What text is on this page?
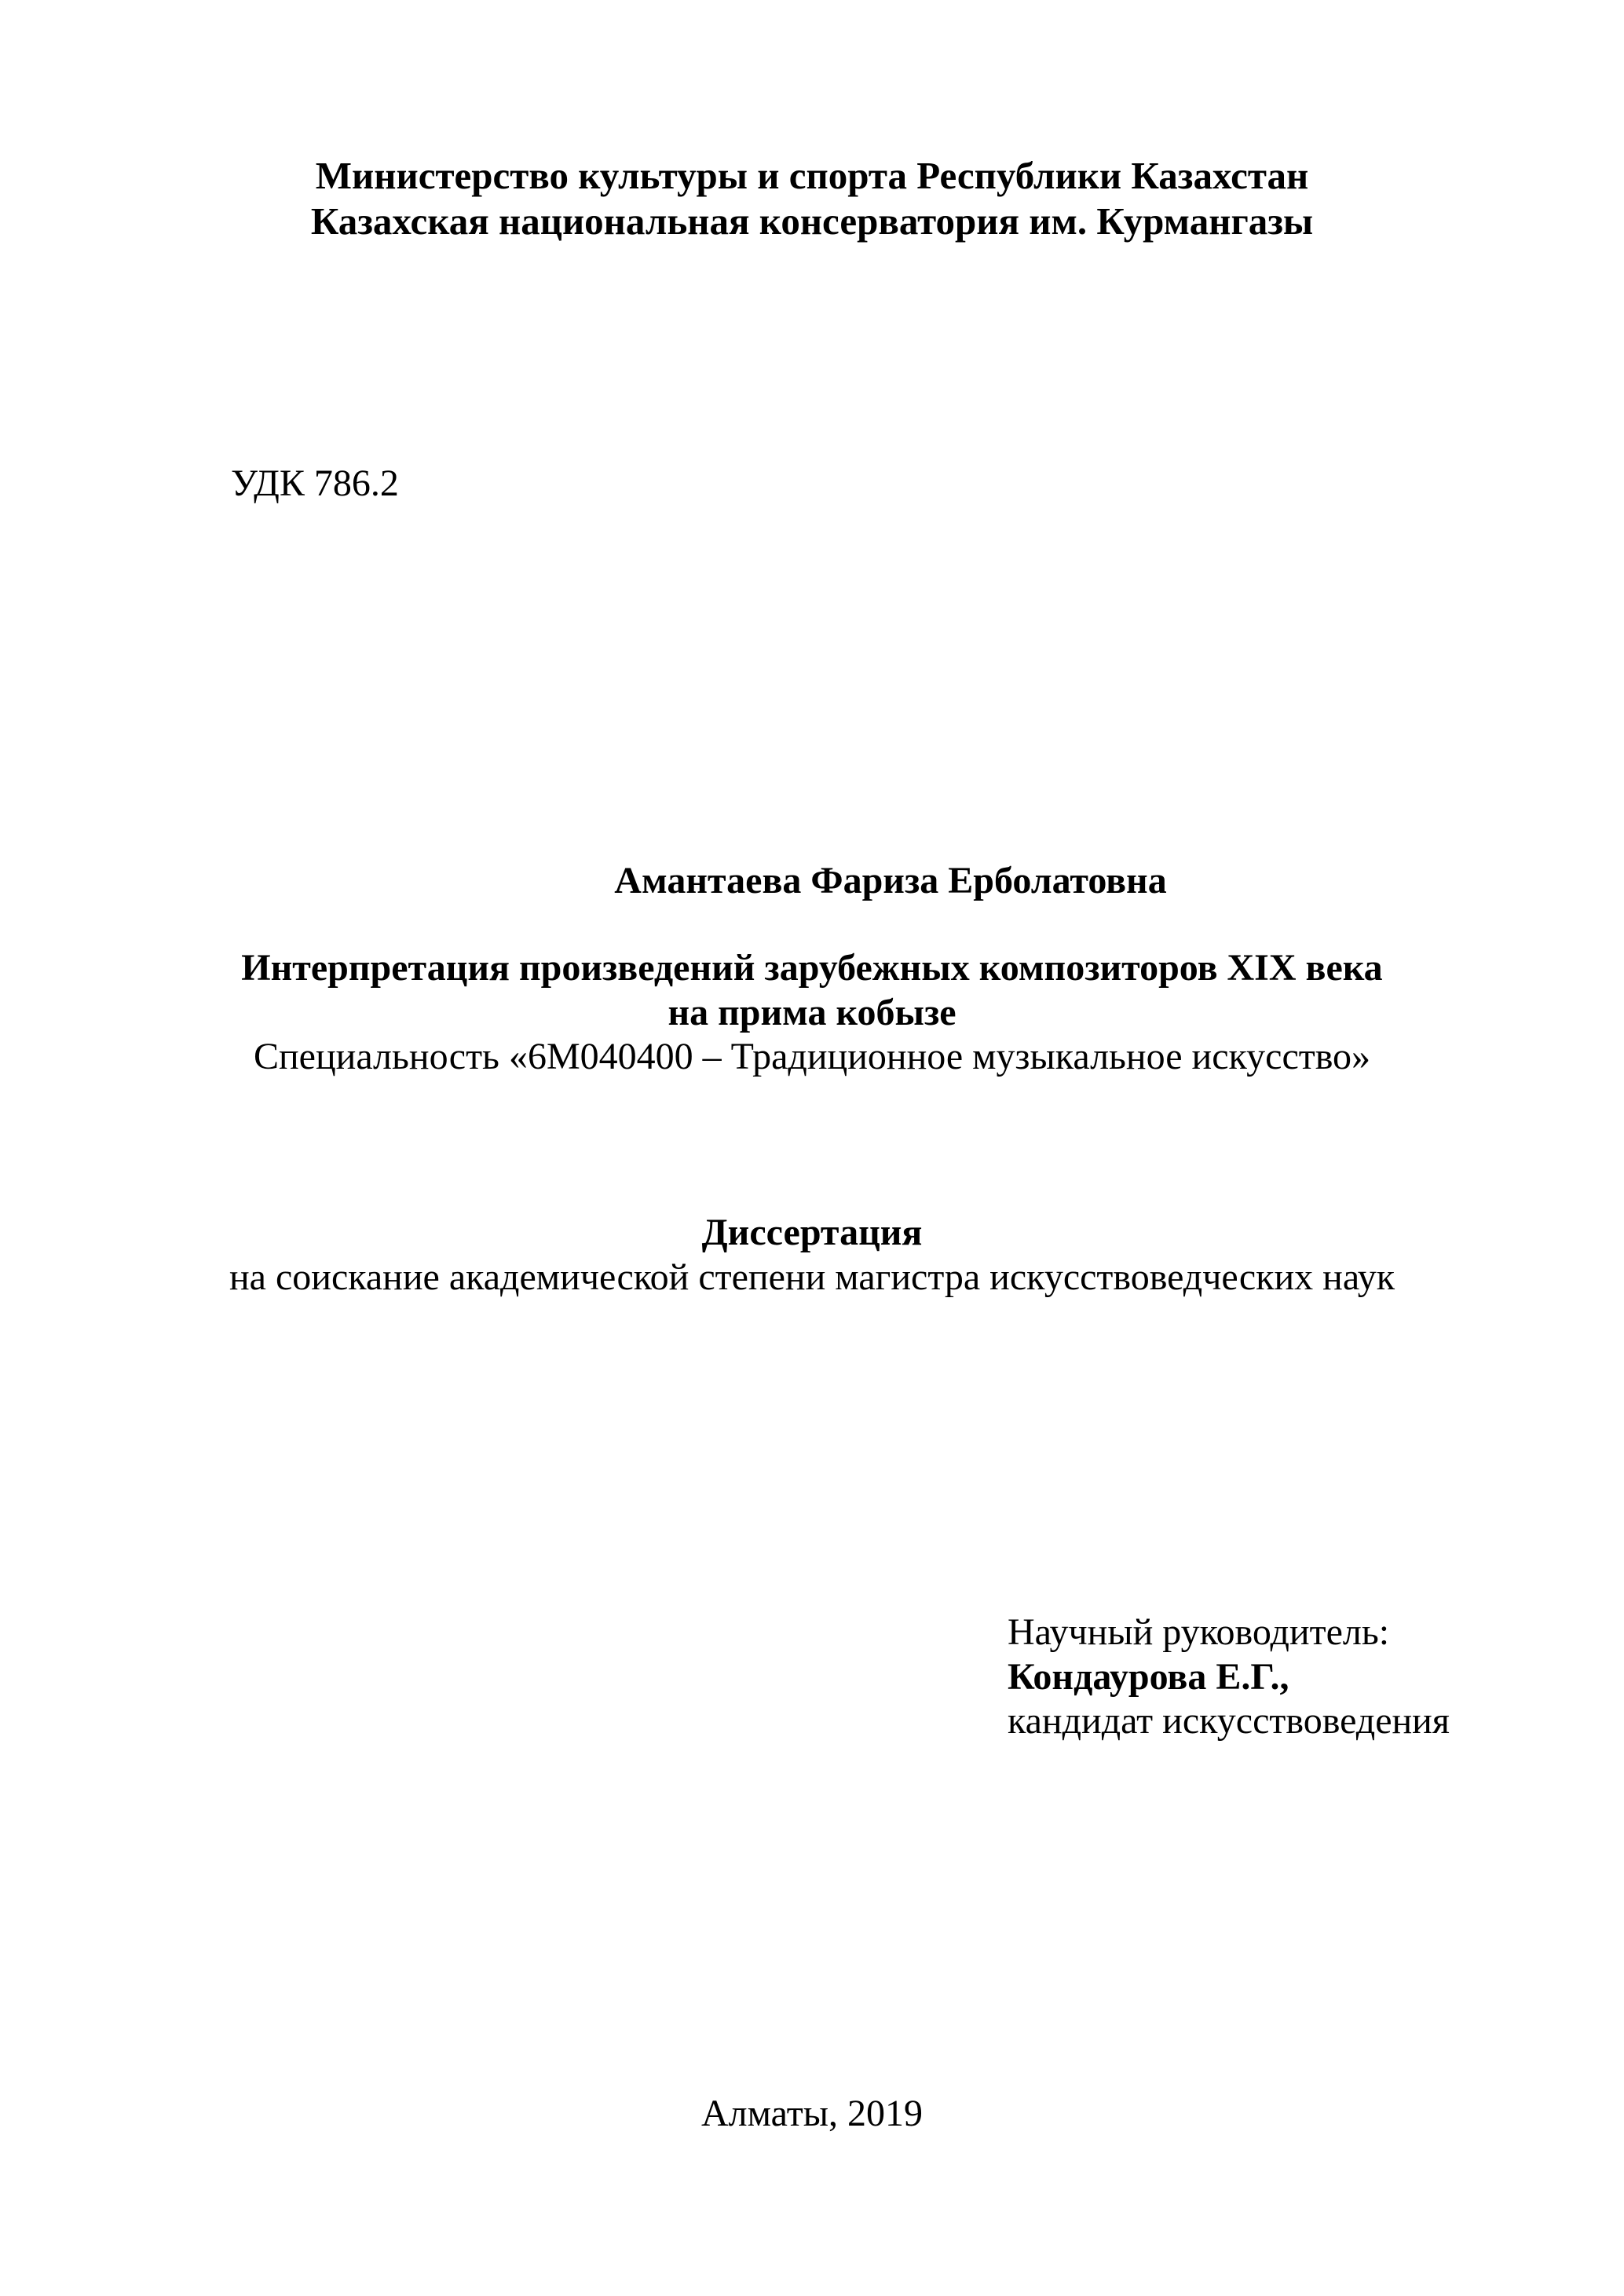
Министерство культуры и спорта Республики Казахстан
Казахская национальная консерватория им. Курмангазы
УДК 786.2
Амантаева Фариза Ерболатовна
Интерпретация произведений зарубежных композиторов XIX века
на прима кобызе
Специальность «6М040400 – Традиционное музыкальное искусство»
Диссертация
на соискание академической степени магистра искусствоведческих наук
Научный руководитель:
Кондаурова Е.Г.,
кандидат искусствоведения
Алматы, 2019
